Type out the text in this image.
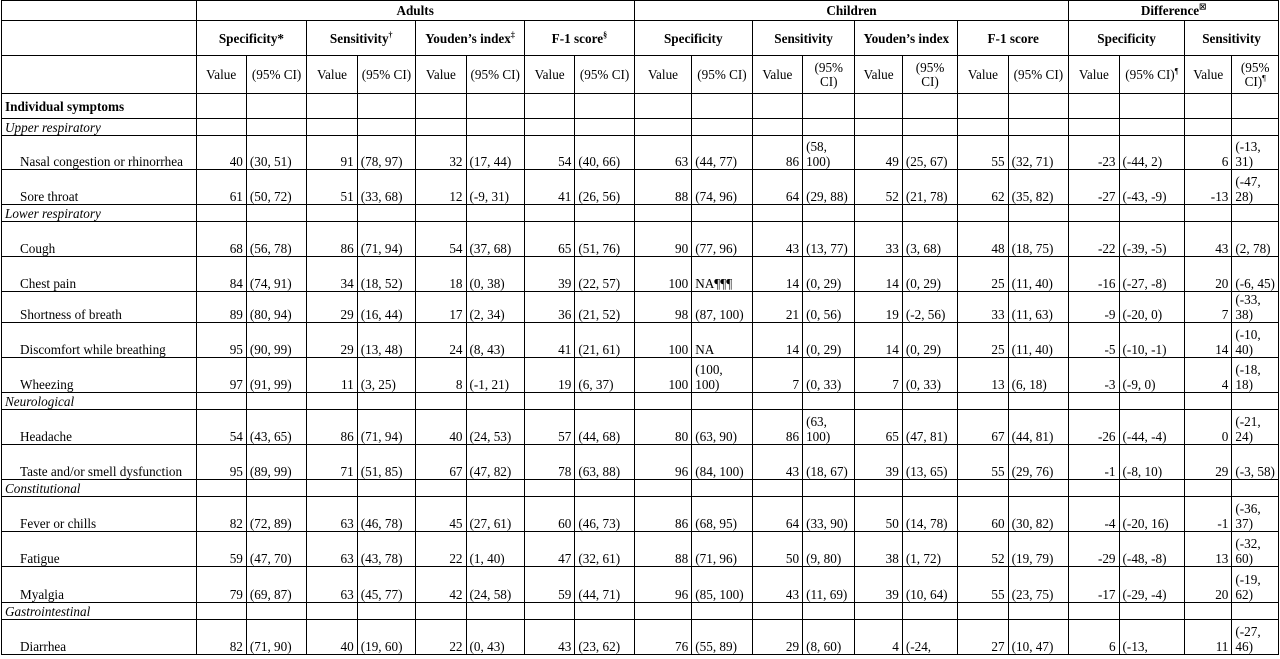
	Adults								Children								Difference☒
	Specificity*		Sensitivity†		Youden’s index‡		F-1 score§		Specificity		Sensitivity		Youden’s index		F-1 score		Specificity		Sensitivity	
	Value	(95% CI)	Value	(95% CI)	Value	(95% CI)	Value	(95% CI)	Value	(95% CI)	Value	(95% CI)	Value	(95% CI)	Value	(95% CI)	Value	(95% CI)¶	Value	(95% CI)¶
Individual symptoms																				
Upper respiratory																				
Nasal congestion or rhinorrhea	40	(30, 51)	91	(78, 97)	32	(17, 44)	54	(40, 66)	63	(44, 77)	86	(58, 100)	49	(25, 67)	55	(32, 71)	-23	(-44, 2)	6	(-13, 31)
Sore throat	61	(50, 72)	51	(33, 68)	12	(-9, 31)	41	(26, 56)	88	(74, 96)	64	(29, 88)	52	(21, 78)	62	(35, 82)	-27	(-43, -9)	-13	(-47, 28)
Lower respiratory																				
Cough	68	(56, 78)	86	(71, 94)	54	(37, 68)	65	(51, 76)	90	(77, 96)	43	(13, 77)	33	(3, 68)	48	(18, 75)	-22	(-39, -5)	43	(2, 78)
Chest pain	84	(74, 91)	34	(18, 52)	18	(0, 38)	39	(22, 57)	100	NA¶¶¶	14	(0, 29)	14	(0, 29)	25	(11, 40)	-16	(-27, -8)	20	(-6, 45)
Shortness of breath	89	(80, 94)	29	(16, 44)	17	(2, 34)	36	(21, 52)	98	(87, 100)	21	(0, 56)	19	(-2, 56)	33	(11, 63)	-9	(-20, 0)	7	(-33, 38)
Discomfort while breathing	95	(90, 99)	29	(13, 48)	24	(8, 43)	41	(21, 61)	100	NA	14	(0, 29)	14	(0, 29)	25	(11, 40)	-5	(-10, -1)	14	(-10, 40)
Wheezing	97	(91, 99)	11	(3, 25)	8	(-1, 21)	19	(6, 37)	100	(100, 100)	7	(0, 33)	7	(0, 33)	13	(6, 18)	-3	(-9, 0)	4	(-18, 18)
Neurological																				
Headache	54	(43, 65)	86	(71, 94)	40	(24, 53)	57	(44, 68)	80	(63, 90)	86	(63, 100)	65	(47, 81)	67	(44, 81)	-26	(-44, -4)	0	(-21, 24)
Taste and/or smell dysfunction	95	(89, 99)	71	(51, 85)	67	(47, 82)	78	(63, 88)	96	(84, 100)	43	(18, 67)	39	(13, 65)	55	(29, 76)	-1	(-8, 10)	29	(-3, 58)
Constitutional																				
Fever or chills	82	(72, 89)	63	(46, 78)	45	(27, 61)	60	(46, 73)	86	(68, 95)	64	(33, 90)	50	(14, 78)	60	(30, 82)	-4	(-20, 16)	-1	(-36, 37)
Fatigue	59	(47, 70)	63	(43, 78)	22	(1, 40)	47	(32, 61)	88	(71, 96)	50	(9, 80)	38	(1, 72)	52	(19, 79)	-29	(-48, -8)	13	(-32, 60)
Myalgia	79	(69, 87)	63	(45, 77)	42	(24, 58)	59	(44, 71)	96	(85, 100)	43	(11, 69)	39	(10, 64)	55	(23, 75)	-17	(-29, -4)	20	(-19, 62)
Gastrointestinal																				
Diarrhea	82	(71, 90)	40	(19, 60)	22	(0, 43)	43	(23, 62)	76	(55, 89)	29	(8, 60)	4	(-24,	27	(10, 47)	6	(-13,	11	(-27, 46)
